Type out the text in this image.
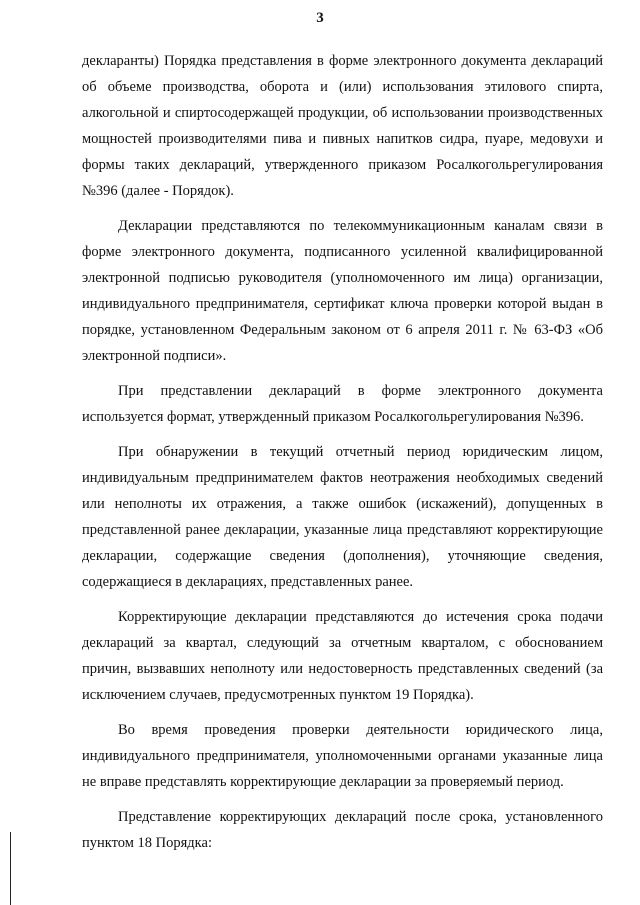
3

декларанты) Порядка представления в форме электронного документа деклараций об объеме производства, оборота и (или) использования этилового спирта, алкогольной и спиртосодержащей продукции, об использовании производственных мощностей производителями пива и пивных напитков сидра, пуаре, медовухи и формы таких деклараций, утвержденного приказом Росалкогольрегулирования №396 (далее - Порядок).

Декларации представляются по телекоммуникационным каналам связи в форме электронного документа, подписанного усиленной квалифицированной электронной подписью руководителя (уполномоченного им лица) организации, индивидуального предпринимателя, сертификат ключа проверки которой выдан в порядке, установленном Федеральным законом от 6 апреля 2011 г. № 63-ФЗ «Об электронной подписи».

При представлении деклараций в форме электронного документа используется формат, утвержденный приказом Росалкогольрегулирования №396.

При обнаружении в текущий отчетный период юридическим лицом, индивидуальным предпринимателем фактов неотражения необходимых сведений или неполноты их отражения, а также ошибок (искажений), допущенных в представленной ранее декларации, указанные лица представляют корректирующие декларации, содержащие сведения (дополнения), уточняющие сведения, содержащиеся в декларациях, представленных ранее.

Корректирующие декларации представляются до истечения срока подачи деклараций за квартал, следующий за отчетным кварталом, с обоснованием причин, вызвавших неполноту или недостоверность представленных сведений (за исключением случаев, предусмотренных пунктом 19 Порядка).

Во время проведения проверки деятельности юридического лица, индивидуального предпринимателя, уполномоченными органами указанные лица не вправе представлять корректирующие декларации за проверяемый период.

Представление корректирующих деклараций после срока, установленного пунктом 18 Порядка:
